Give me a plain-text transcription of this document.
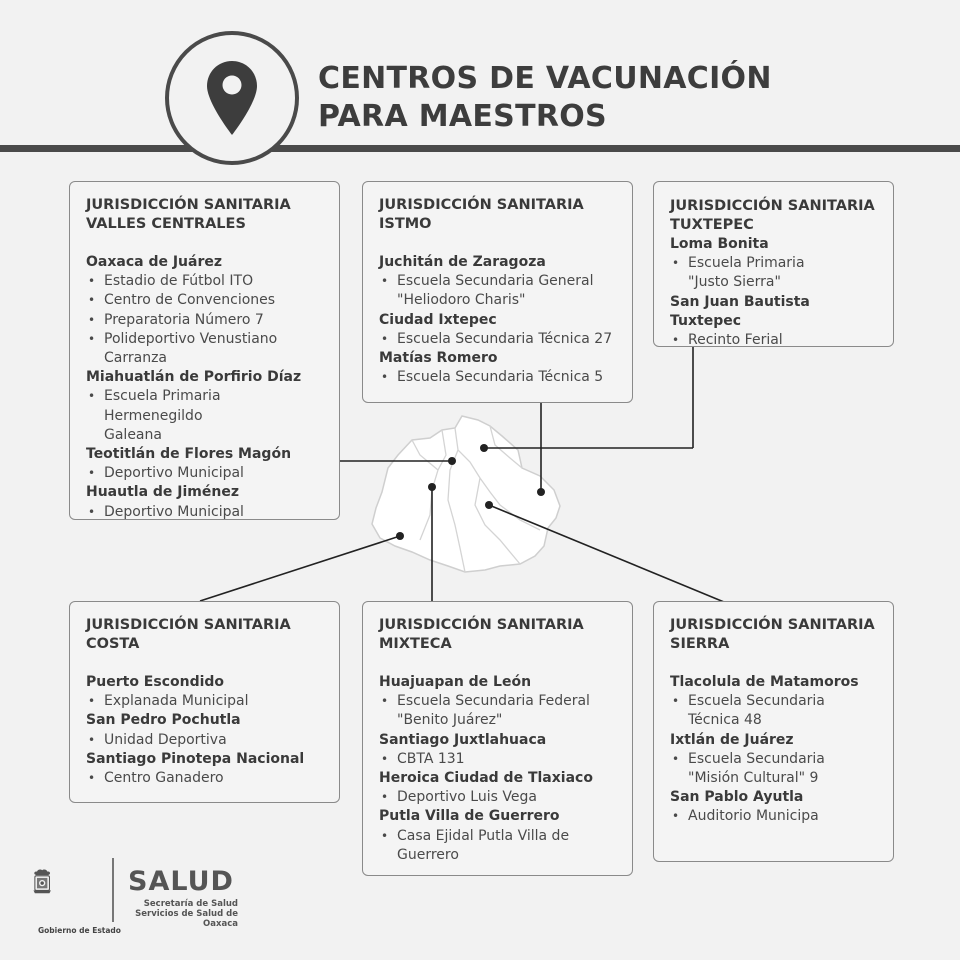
CENTROS DE VACUNACIÓN
PARA MAESTROS
JURISDICCIÓN SANITARIA
VALLES CENTRALES
Oaxaca de Juárez
• Estadio de Fútbol ITO
• Centro de Convenciones
• Preparatoria Número 7
• Polideportivo Venustiano
Carranza
Miahuatlán de Porfirio Díaz
• Escuela Primaria Hermenegildo
Galeana
Teotitlán de Flores Magón
• Deportivo Municipal
Huautla de Jiménez
• Deportivo Municipal
JURISDICCIÓN SANITARIA
ISTMO
Juchitán de Zaragoza
• Escuela Secundaria General
"Heliodoro Charis"
Ciudad Ixtepec
• Escuela Secundaria Técnica 27
Matías Romero
• Escuela Secundaria Técnica 5
JURISDICCIÓN SANITARIA
TUXTEPEC
Loma Bonita
• Escuela Primaria
"Justo Sierra"
San Juan Bautista Tuxtepec
• Recinto Ferial
JURISDICCIÓN SANITARIA
COSTA
Puerto Escondido
• Explanada Municipal
San Pedro Pochutla
• Unidad Deportiva
Santiago Pinotepa Nacional
• Centro Ganadero
JURISDICCIÓN SANITARIA
MIXTECA
Huajuapan de León
• Escuela Secundaria Federal
"Benito Juárez"
Santiago Juxtlahuaca
• CBTA 131
Heroica Ciudad de Tlaxiaco
• Deportivo Luis Vega
Putla Villa de Guerrero
• Casa Ejidal Putla Villa de
Guerrero
JURISDICCIÓN SANITARIA
SIERRA
Tlacolula de Matamoros
• Escuela Secundaria
Técnica 48
Ixtlán de Juárez
• Escuela Secundaria
"Misión Cultural" 9
San Pablo Ayutla
• Auditorio Municipa
SALUD
Secretaría de Salud
Servicios de Salud de Oaxaca
Gobierno de Estado
